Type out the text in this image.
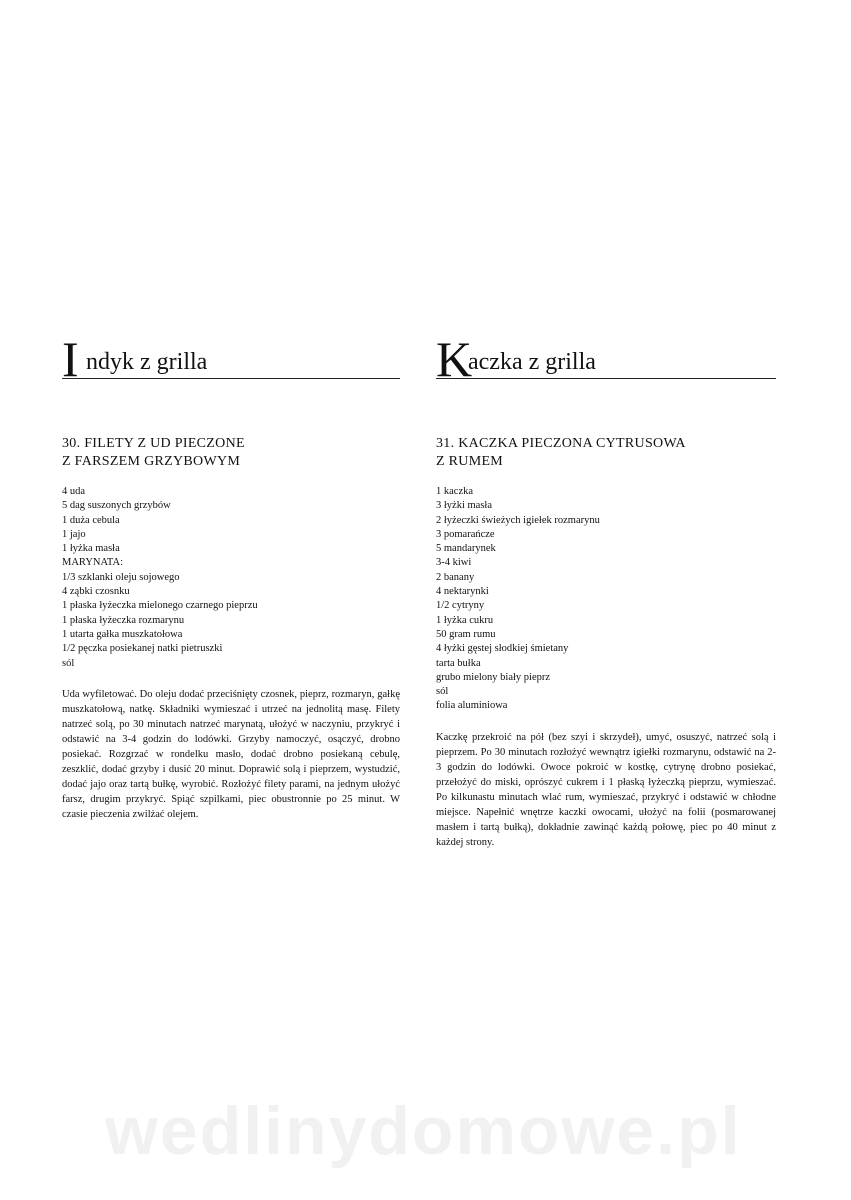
I ndyk z grilla
30. FILETY Z UD PIECZONE
Z FARSZEM GRZYBOWYM
4 uda
5 dag suszonych grzybów
1 duża cebula
1 jajo
1 łyżka masła
MARYNATA:
1/3 szklanki oleju sojowego
4 ząbki czosnku
1 płaska łyżeczka mielonego czarnego pieprzu
1 płaska łyżeczka rozmarynu
1 utarta gałka muszkatołowa
1/2 pęczka posiekanej natki pietruszki
sól

Uda wyfiletować. Do oleju dodać przeciśnięty czosnek, pieprz, rozmaryn, gałkę muszkatołową, natkę. Składniki wymieszać i utrzeć na jednolitą masę. Filety natrzeć solą, po 30 minutach natrzeć marynatą, ułożyć w naczyniu, przykryć i odstawić na 3-4 godzin do lodówki. Grzyby namoczyć, osączyć, drobno posiekać. Rozgrzać w rondelku masło, dodać drobno posiekaną cebulę, zeszklić, dodać grzyby i dusić 20 minut. Doprawić solą i pieprzem, wystudzić, dodać jajo oraz tartą bułkę, wyrobić. Rozłożyć filety parami, na jednym ułożyć farsz, drugim przykryć. Spiąć szpilkami, piec obustronnie po 25 minut. W czasie pieczenia zwilżać olejem.

K
aczka z grilla
31. KACZKA PIECZONA CYTRUSOWA
Z RUMEM
1 kaczka
3 łyżki masła
2 łyżeczki świeżych igiełek rozmarynu
3 pomarańcze
5 mandarynek
3-4 kiwi
2 banany
4 nektarynki
1/2 cytryny
1 łyżka cukru
50 gram rumu
4 łyżki gęstej słodkiej śmietany
tarta bułka
grubo mielony biały pieprz
sól
folia aluminiowa

Kaczkę przekroić na pół (bez szyi i skrzydeł), umyć, osuszyć, natrzeć solą i pieprzem. Po 30 minutach rozłożyć wewnątrz igiełki rozmarynu, odstawić na 2-3 godzin do lodówki. Owoce pokroić w kostkę, cytrynę drobno posiekać, przełożyć do miski, oprószyć cukrem i 1 płaską łyżeczką pieprzu, wymieszać. Po kilkunastu minutach wlać rum, wymieszać, przykryć i odstawić w chłodne miejsce. Napełnić wnętrze kaczki owocami, ułożyć na folii (posmarowanej masłem i tartą bułką), dokładnie zawinąć każdą połowę, piec po 40 minut z każdej strony.

wedlinydomowe.pl
